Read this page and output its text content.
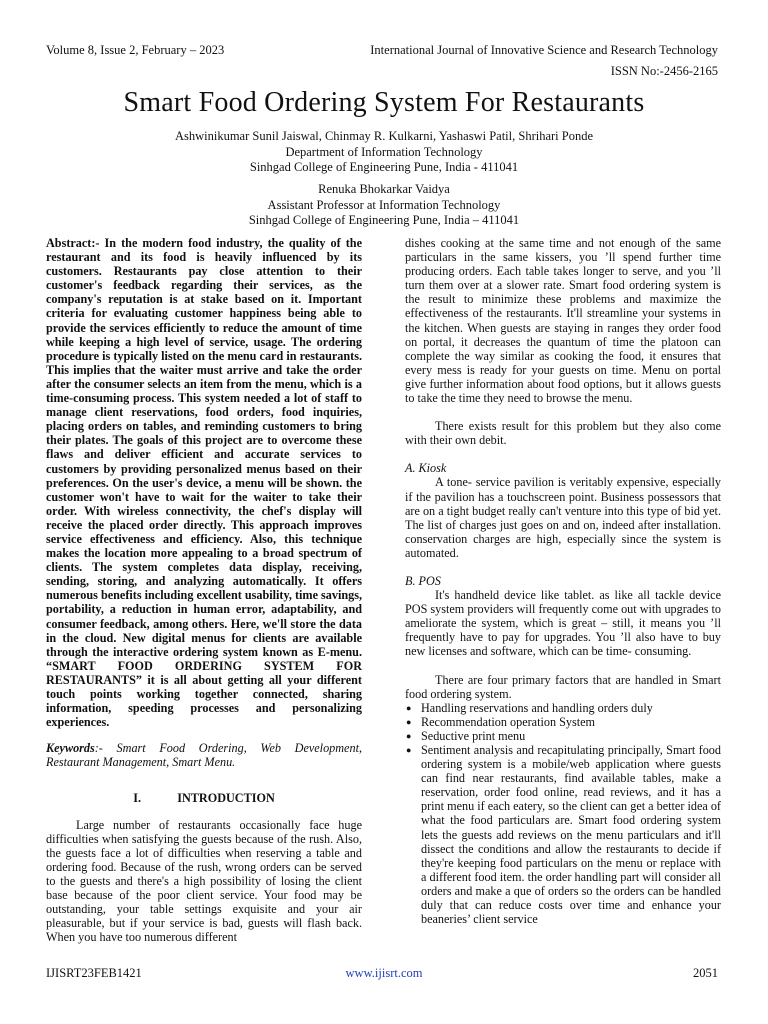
Volume 8, Issue 2, February – 2023	International Journal of Innovative Science and Research Technology
ISSN No:-2456-2165
Smart Food Ordering System For Restaurants
Ashwinikumar Sunil Jaiswal, Chinmay R. Kulkarni, Yashaswi Patil, Shrihari Ponde
Department of Information Technology
Sinhgad College of Engineering Pune, India - 411041
Renuka Bhokarkar Vaidya
Assistant Professor at Information Technology
Sinhgad College of Engineering Pune, India – 411041

Abstract:- In the modern food industry, the quality of the restaurant and its food is heavily influenced by its customers. Restaurants pay close attention to their customer's feedback regarding their services, as the company's reputation is at stake based on it. Important criteria for evaluating customer happiness being able to provide the services efficiently to reduce the amount of time while keeping a high level of service, usage. The ordering procedure is typically listed on the menu card in restaurants. This implies that the waiter must arrive and take the order after the consumer selects an item from the menu, which is a time-consuming process. This system needed a lot of staff to manage client reservations, food orders, food inquiries, placing orders on tables, and reminding customers to bring their plates. The goals of this project are to overcome these flaws and deliver efficient and accurate services to customers by providing personalized menus based on their preferences. On the user's device, a menu will be shown. the customer won't have to wait for the waiter to take their order. With wireless connectivity, the chef's display will receive the placed order directly. This approach improves service effectiveness and efficiency. Also, this technique makes the location more appealing to a broad spectrum of clients. The system completes data display, receiving, sending, storing, and analyzing automatically. It offers numerous benefits including excellent usability, time savings, portability, a reduction in human error, adaptability, and consumer feedback, among others. Here, we'll store the data in the cloud. New digital menus for clients are available through the interactive ordering system known as E-menu. “SMART FOOD ORDERING SYSTEM FOR RESTAURANTS” it is all about getting all your different touch points working together connected, sharing information, speeding processes and personalizing experiences.

Keywords:- Smart Food Ordering, Web Development, Restaurant Management, Smart Menu.

I.	INTRODUCTION

Large number of restaurants occasionally face huge difficulties when satisfying the guests because of the rush. Also, the guests face a lot of difficulties when reserving a table and ordering food. Because of the rush, wrong orders can be served to the guests and there's a high possibility of losing the client base because of the poor client service. Your food may be outstanding, your table settings exquisite and your air pleasurable, but if your service is bad, guests will flash back. When you have too numerous different

dishes cooking at the same time and not enough of the same particulars in the same kissers, you ’ll spend further time producing orders. Each table takes longer to serve, and you ’ll turn them over at a slower rate. Smart food ordering system is the result to minimize these problems and maximize the effectiveness of the restaurants. It'll streamline your systems in the kitchen. When guests are staying in ranges they order food on portal, it decreases the quantum of time the platoon can complete the way similar as cooking the food, it ensures that every mess is ready for your guests on time. Menu on portal give further information about food options, but it allows guests to take the time they need to browse the menu.

There exists result for this problem but they also come with their own debit.

A. Kiosk

A tone- service pavilion is veritably expensive, especially if the pavilion has a touchscreen point. Business possessors that are on a tight budget really can't venture into this type of bid yet. The list of charges just goes on and on, indeed after installation. conservation charges are high, especially since the system is automated.

B. POS

It's handheld device like tablet. as like all tackle device POS system providers will frequently come out with upgrades to ameliorate the system, which is great – still, it means you ’ll frequently have to pay for upgrades. You ’ll also have to buy new licenses and software, which can be time- consuming.

There are four primary factors that are handled in Smart food ordering system.

● Handling reservations and handling orders duly
● Recommendation operation System
● Seductive print menu
● Sentiment analysis and recapitulating principally, Smart food ordering system is a mobile/web application where guests can find near restaurants, find available tables, make a reservation, order food online, read reviews, and it has a print menu if each eatery, so the client can get a better idea of what the food particulars are. Smart food ordering system lets the guests add reviews on the menu particulars and it'll dissect the conditions and allow the restaurants to decide if they're keeping food particulars on the menu or replace with a different food item. the order handling part will consider all orders and make a que of orders so the orders can be handled duly that can reduce costs over time and enhance your beaneries’ client service
IJISRT23FEB1421	www.ijisrt.com	2051
